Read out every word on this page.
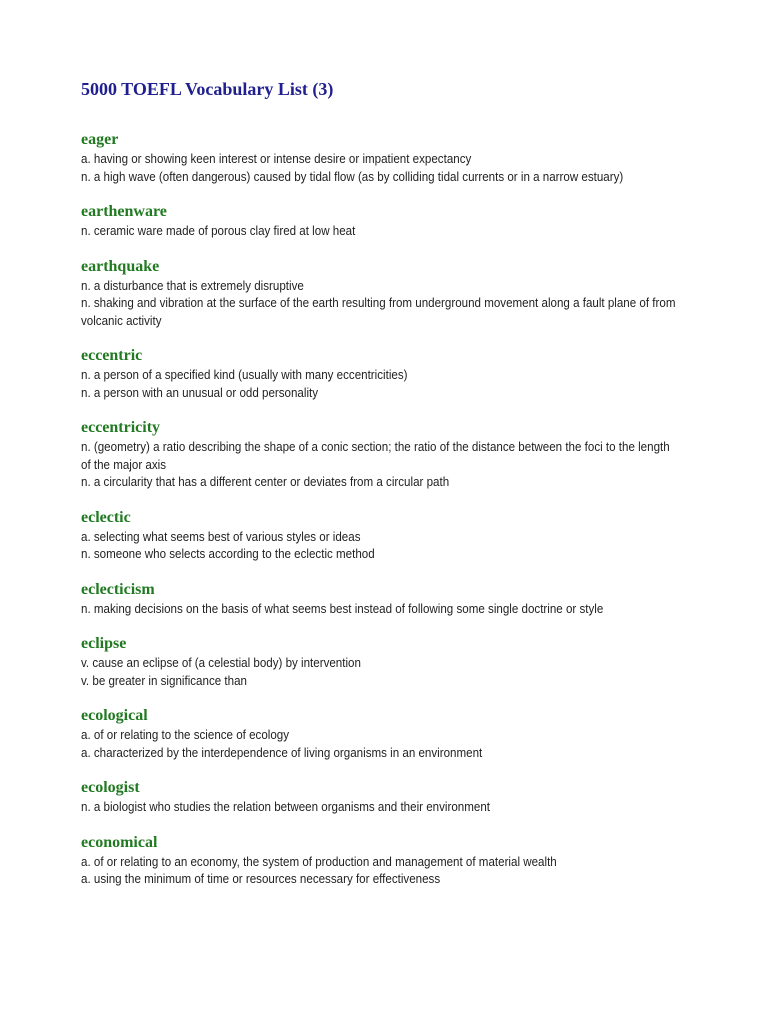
5000 TOEFL Vocabulary List (3)
eager
a. having or showing keen interest or intense desire or impatient expectancy
n. a high wave (often dangerous) caused by tidal flow (as by colliding tidal currents or in a narrow estuary)
earthenware
n. ceramic ware made of porous clay fired at low heat
earthquake
n. a disturbance that is extremely disruptive
n. shaking and vibration at the surface of the earth resulting from underground movement along a fault plane of from volcanic activity
eccentric
n. a person of a specified kind (usually with many eccentricities)
n. a person with an unusual or odd personality
eccentricity
n. (geometry) a ratio describing the shape of a conic section; the ratio of the distance between the foci to the length of the major axis
n. a circularity that has a different center or deviates from a circular path
eclectic
a. selecting what seems best of various styles or ideas
n. someone who selects according to the eclectic method
eclecticism
n. making decisions on the basis of what seems best instead of following some single doctrine or style
eclipse
v. cause an eclipse of (a celestial body) by intervention
v. be greater in significance than
ecological
a. of or relating to the science of ecology
a. characterized by the interdependence of living organisms in an environment
ecologist
n. a biologist who studies the relation between organisms and their environment
economical
a. of or relating to an economy, the system of production and management of material wealth
a. using the minimum of time or resources necessary for effectiveness
